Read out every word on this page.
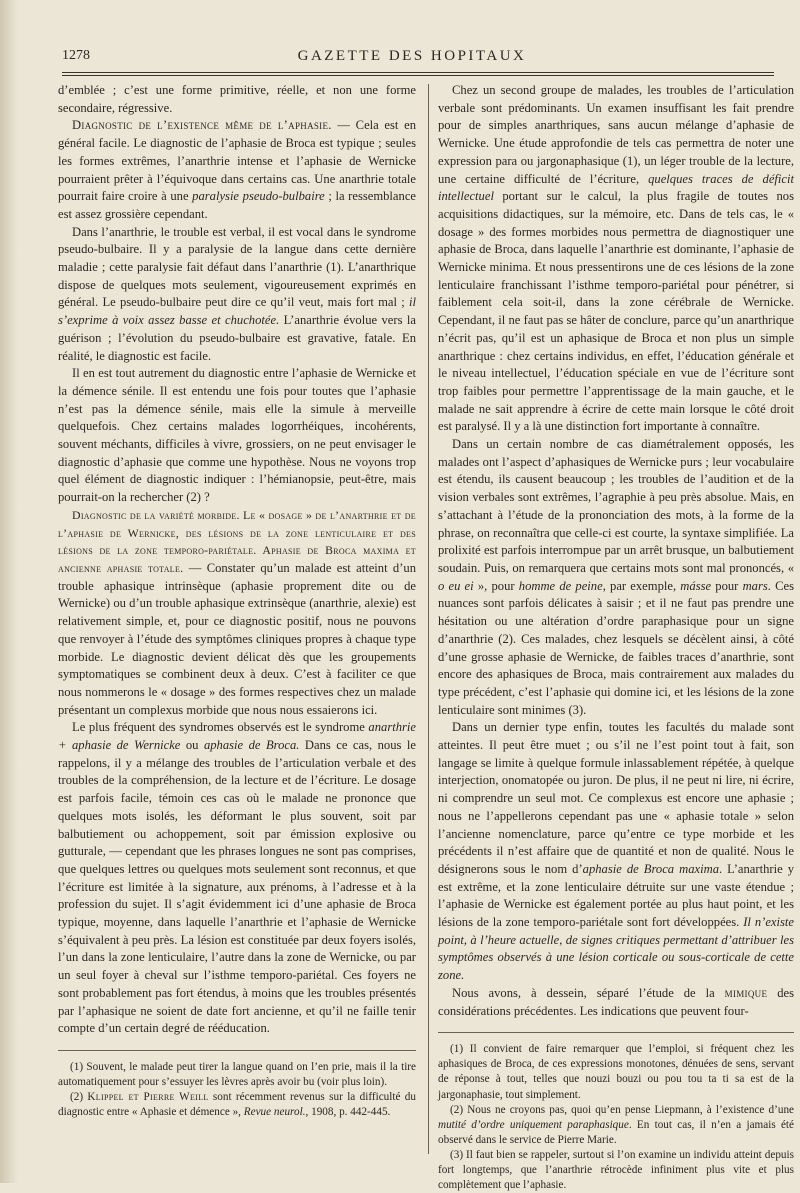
1278	GAZETTE DES HOPITAUX

d’emblée ; c’est une forme primitive, réelle, et non une forme secondaire, régressive.

Diagnostic de l’existence même de l’aphasie. — Cela est en général facile. Le diagnostic de l’aphasie de Broca est typique ; seules les formes extrêmes, l’anarthrie intense et l’aphasie de Wernicke pourraient prêter à l’équivoque dans certains cas. Une anarthrie totale pourrait faire croire à une paralysie pseudo-bulbaire ; la ressemblance est assez grossière cependant.

Dans l’anarthrie, le trouble est verbal, il est vocal dans le syndrome pseudo-bulbaire. Il y a paralysie de la langue dans cette dernière maladie ; cette paralysie fait défaut dans l’anarthrie (1). L’anarthrique dispose de quelques mots seulement, vigoureusement exprimés en général. Le pseudo-bulbaire peut dire ce qu’il veut, mais fort mal ; il s’exprime à voix assez basse et chuchotée. L’anarthrie évolue vers la guérison ; l’évolution du pseudo-bulbaire est gravative, fatale. En réalité, le diagnostic est facile.

Il en est tout autrement du diagnostic entre l’aphasie de Wernicke et la démence sénile. Il est entendu une fois pour toutes que l’aphasie n’est pas la démence sénile, mais elle la simule à merveille quelquefois. Chez certains malades logorrhéiques, incohérents, souvent méchants, difficiles à vivre, grossiers, on ne peut envisager le diagnostic d’aphasie que comme une hypothèse. Nous ne voyons trop quel élément de diagnostic indiquer : l’hémianopsie, peut-être, mais pourrait-on la rechercher (2) ?

Diagnostic de la variété morbide. Le « dosage » de l’anarthrie et de l’aphasie de Wernicke, des lésions de la zone lenticulaire et des lésions de la zone temporo-pariétale. Aphasie de Broca maxima et ancienne aphasie totale. — Constater qu’un malade est atteint d’un trouble aphasique intrinsèque (aphasie proprement dite ou de Wernicke) ou d’un trouble aphasique extrinsèque (anarthrie, alexie) est relativement simple, et, pour ce diagnostic positif, nous ne pouvons que renvoyer à l’étude des symptômes cliniques propres à chaque type morbide. Le diagnostic devient délicat dès que les groupements symptomatiques se combinent deux à deux. C’est à faciliter ce que nous nommerons le « dosage » des formes respectives chez un malade présentant un complexus morbide que nous nous essaierons ici.

Le plus fréquent des syndromes observés est le syndrome anarthrie + aphasie de Wernicke ou aphasie de Broca. Dans ce cas, nous le rappelons, il y a mélange des troubles de l’articulation verbale et des troubles de la compréhension, de la lecture et de l’écriture. Le dosage est parfois facile, témoin ces cas où le malade ne prononce que quelques mots isolés, les déformant le plus souvent, soit par balbutiement ou achoppement, soit par émission explosive ou gutturale, — cependant que les phrases longues ne sont pas comprises, que quelques lettres ou quelques mots seulement sont reconnus, et que l’écriture est limitée à la signature, aux prénoms, à l’adresse et à la profession du sujet. Il s’agit évidemment ici d’une aphasie de Broca typique, moyenne, dans laquelle l’anarthrie et l’aphasie de Wernicke s’équivalent à peu près. La lésion est constituée par deux foyers isolés, l’un dans la zone lenticulaire, l’autre dans la zone de Wernicke, ou par un seul foyer à cheval sur l’isthme temporo-pariétal. Ces foyers ne sont probablement pas fort étendus, à moins que les troubles présentés par l’aphasique ne soient de date fort ancienne, et qu’il ne faille tenir compte d’un certain degré de rééducation.

(1) Souvent, le malade peut tirer la langue quand on l’en prie, mais il la tire automatiquement pour s’essuyer les lèvres après avoir bu (voir plus loin).

(2) Klippel et Pierre Weill sont récemment revenus sur la difficulté du diagnostic entre « Aphasie et démence », Revue neurol., 1908, p. 442-445.

Chez un second groupe de malades, les troubles de l’articulation verbale sont prédominants. Un examen insuffisant les fait prendre pour de simples anarthriques, sans aucun mélange d’aphasie de Wernicke. Une étude approfondie de tels cas permettra de noter une expression para ou jargonaphasique (1), un léger trouble de la lecture, une certaine difficulté de l’écriture, quelques traces de déficit intellectuel portant sur le calcul, la plus fragile de toutes nos acquisitions didactiques, sur la mémoire, etc. Dans de tels cas, le « dosage » des formes morbides nous permettra de diagnostiquer une aphasie de Broca, dans laquelle l’anarthrie est dominante, l’aphasie de Wernicke minima. Et nous pressentirons une de ces lésions de la zone lenticulaire franchissant l’isthme temporo-pariétal pour pénétrer, si faiblement cela soit-il, dans la zone cérébrale de Wernicke. Cependant, il ne faut pas se hâter de conclure, parce qu’un anarthrique n’écrit pas, qu’il est un aphasique de Broca et non plus un simple anarthrique : chez certains individus, en effet, l’éducation générale et le niveau intellectuel, l’éducation spéciale en vue de l’écriture sont trop faibles pour permettre l’apprentissage de la main gauche, et le malade ne sait apprendre à écrire de cette main lorsque le côté droit est paralysé. Il y a là une distinction fort importante à connaître.

Dans un certain nombre de cas diamétralement opposés, les malades ont l’aspect d’aphasiques de Wernicke purs ; leur vocabulaire est étendu, ils causent beaucoup ; les troubles de l’audition et de la vision verbales sont extrêmes, l’agraphie à peu près absolue. Mais, en s’attachant à l’étude de la prononciation des mots, à la forme de la phrase, on reconnaîtra que celle-ci est courte, la syntaxe simplifiée. La prolixité est parfois interrompue par un arrêt brusque, un balbutiement soudain. Puis, on remarquera que certains mots sont mal prononcés, « o eu ei », pour homme de peine, par exemple, másse pour mars. Ces nuances sont parfois délicates à saisir ; et il ne faut pas prendre une hésitation ou une altération d’ordre paraphasique pour un signe d’anarthrie (2). Ces malades, chez lesquels se décèlent ainsi, à côté d’une grosse aphasie de Wernicke, de faibles traces d’anarthrie, sont encore des aphasiques de Broca, mais contrairement aux malades du type précédent, c’est l’aphasie qui domine ici, et les lésions de la zone lenticulaire sont minimes (3).

Dans un dernier type enfin, toutes les facultés du malade sont atteintes. Il peut être muet ; ou s’il ne l’est point tout à fait, son langage se limite à quelque formule inlassablement répétée, à quelque interjection, onomatopée ou juron. De plus, il ne peut ni lire, ni écrire, ni comprendre un seul mot. Ce complexus est encore une aphasie ; nous ne l’appellerons cependant pas une « aphasie totale » selon l’ancienne nomenclature, parce qu’entre ce type morbide et les précédents il n’est affaire que de quantité et non de qualité. Nous le désignerons sous le nom d’aphasie de Broca maxima. L’anarthrie y est extrême, et la zone lenticulaire détruite sur une vaste étendue ; l’aphasie de Wernicke est également portée au plus haut point, et les lésions de la zone temporo-pariétale sont fort développées. Il n’existe point, à l’heure actuelle, de signes critiques permettant d’attribuer les symptômes observés à une lésion corticale ou sous-corticale de cette zone.

Nous avons, à dessein, séparé l’étude de la mimique des considérations précédentes. Les indications que peuvent four-

(1) Il convient de faire remarquer que l’emploi, si fréquent chez les aphasiques de Broca, de ces expressions monotones, dénuées de sens, servant de réponse à tout, telles que nouzi bouzi ou pou tou ta ti sa est de la jargonaphasie, tout simplement.

(2) Nous ne croyons pas, quoi qu’en pense Liepmann, à l’existence d’une mutité d’ordre uniquement paraphasique. En tout cas, il n’en a jamais été observé dans le service de Pierre Marie.

(3) Il faut bien se rappeler, surtout si l’on examine un individu atteint depuis fort longtemps, que l’anarthrie rétrocède infiniment plus vite et plus complètement que l’aphasie.
